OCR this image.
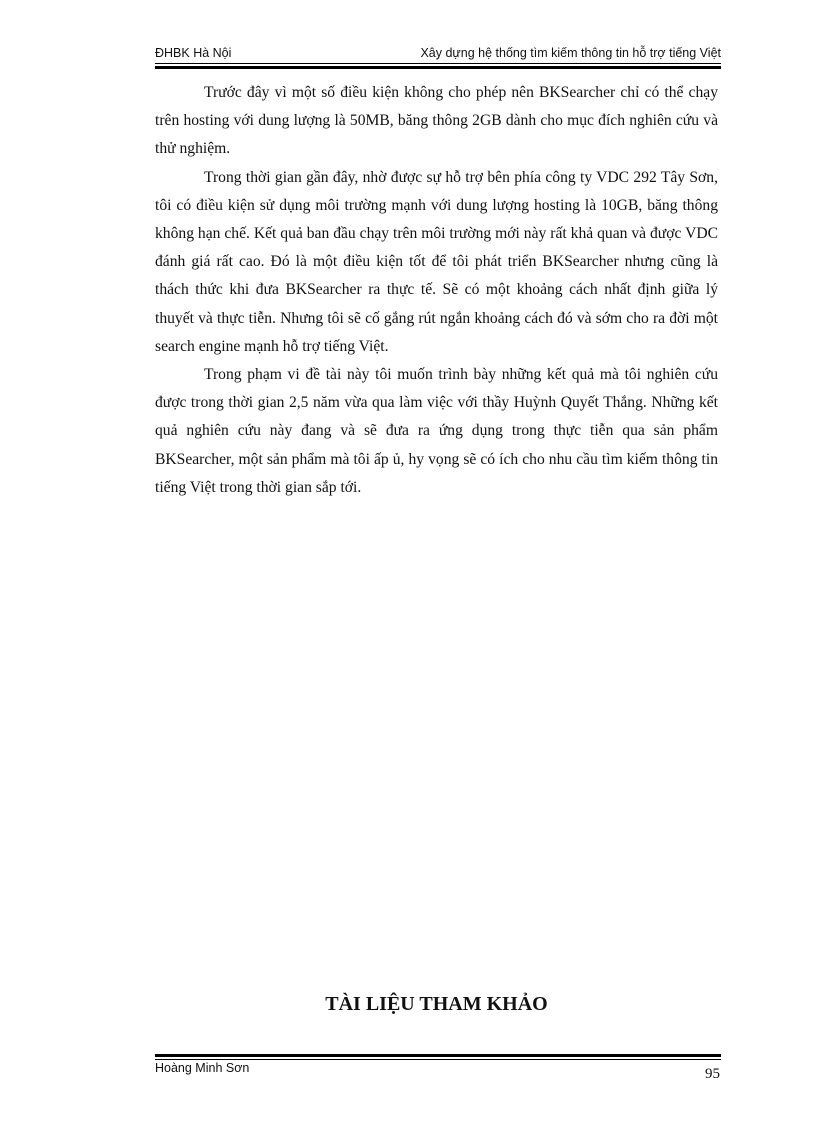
ĐHBK Hà Nội	Xây dựng hệ thống tìm kiếm thông tin hỗ trợ tiếng Việt

Trước đây vì một số điều kiện không cho phép nên BKSearcher chỉ có thể chạy trên hosting với dung lượng là 50MB, băng thông 2GB dành cho mục đích nghiên cứu và thử nghiệm.

Trong thời gian gần đây, nhờ được sự hỗ trợ bên phía công ty VDC 292 Tây Sơn, tôi có điều kiện sử dụng môi trường mạnh với dung lượng hosting là 10GB, băng thông không hạn chế. Kết quả ban đầu chạy trên môi trường mới này rất khả quan và được VDC đánh giá rất cao. Đó là một điều kiện tốt để tôi phát triển BKSearcher nhưng cũng là thách thức khi đưa BKSearcher ra thực tế. Sẽ có một khoảng cách nhất định giữa lý thuyết và thực tiễn. Nhưng tôi sẽ cố gắng rút ngắn khoảng cách đó và sớm cho ra đời một search engine mạnh hỗ trợ tiếng Việt.

Trong phạm vi đề tài này tôi muốn trình bày những kết quả mà tôi nghiên cứu được trong thời gian 2,5 năm vừa qua làm việc với thầy Huỳnh Quyết Thắng. Những kết quả nghiên cứu này đang và sẽ đưa ra ứng dụng trong thực tiễn qua sản phẩm BKSearcher, một sản phẩm mà tôi ấp ủ, hy vọng sẽ có ích cho nhu cầu tìm kiếm thông tin tiếng Việt trong thời gian sắp tới.

TÀI LIỆU THAM KHẢO
Hoàng Minh Sơn	95
